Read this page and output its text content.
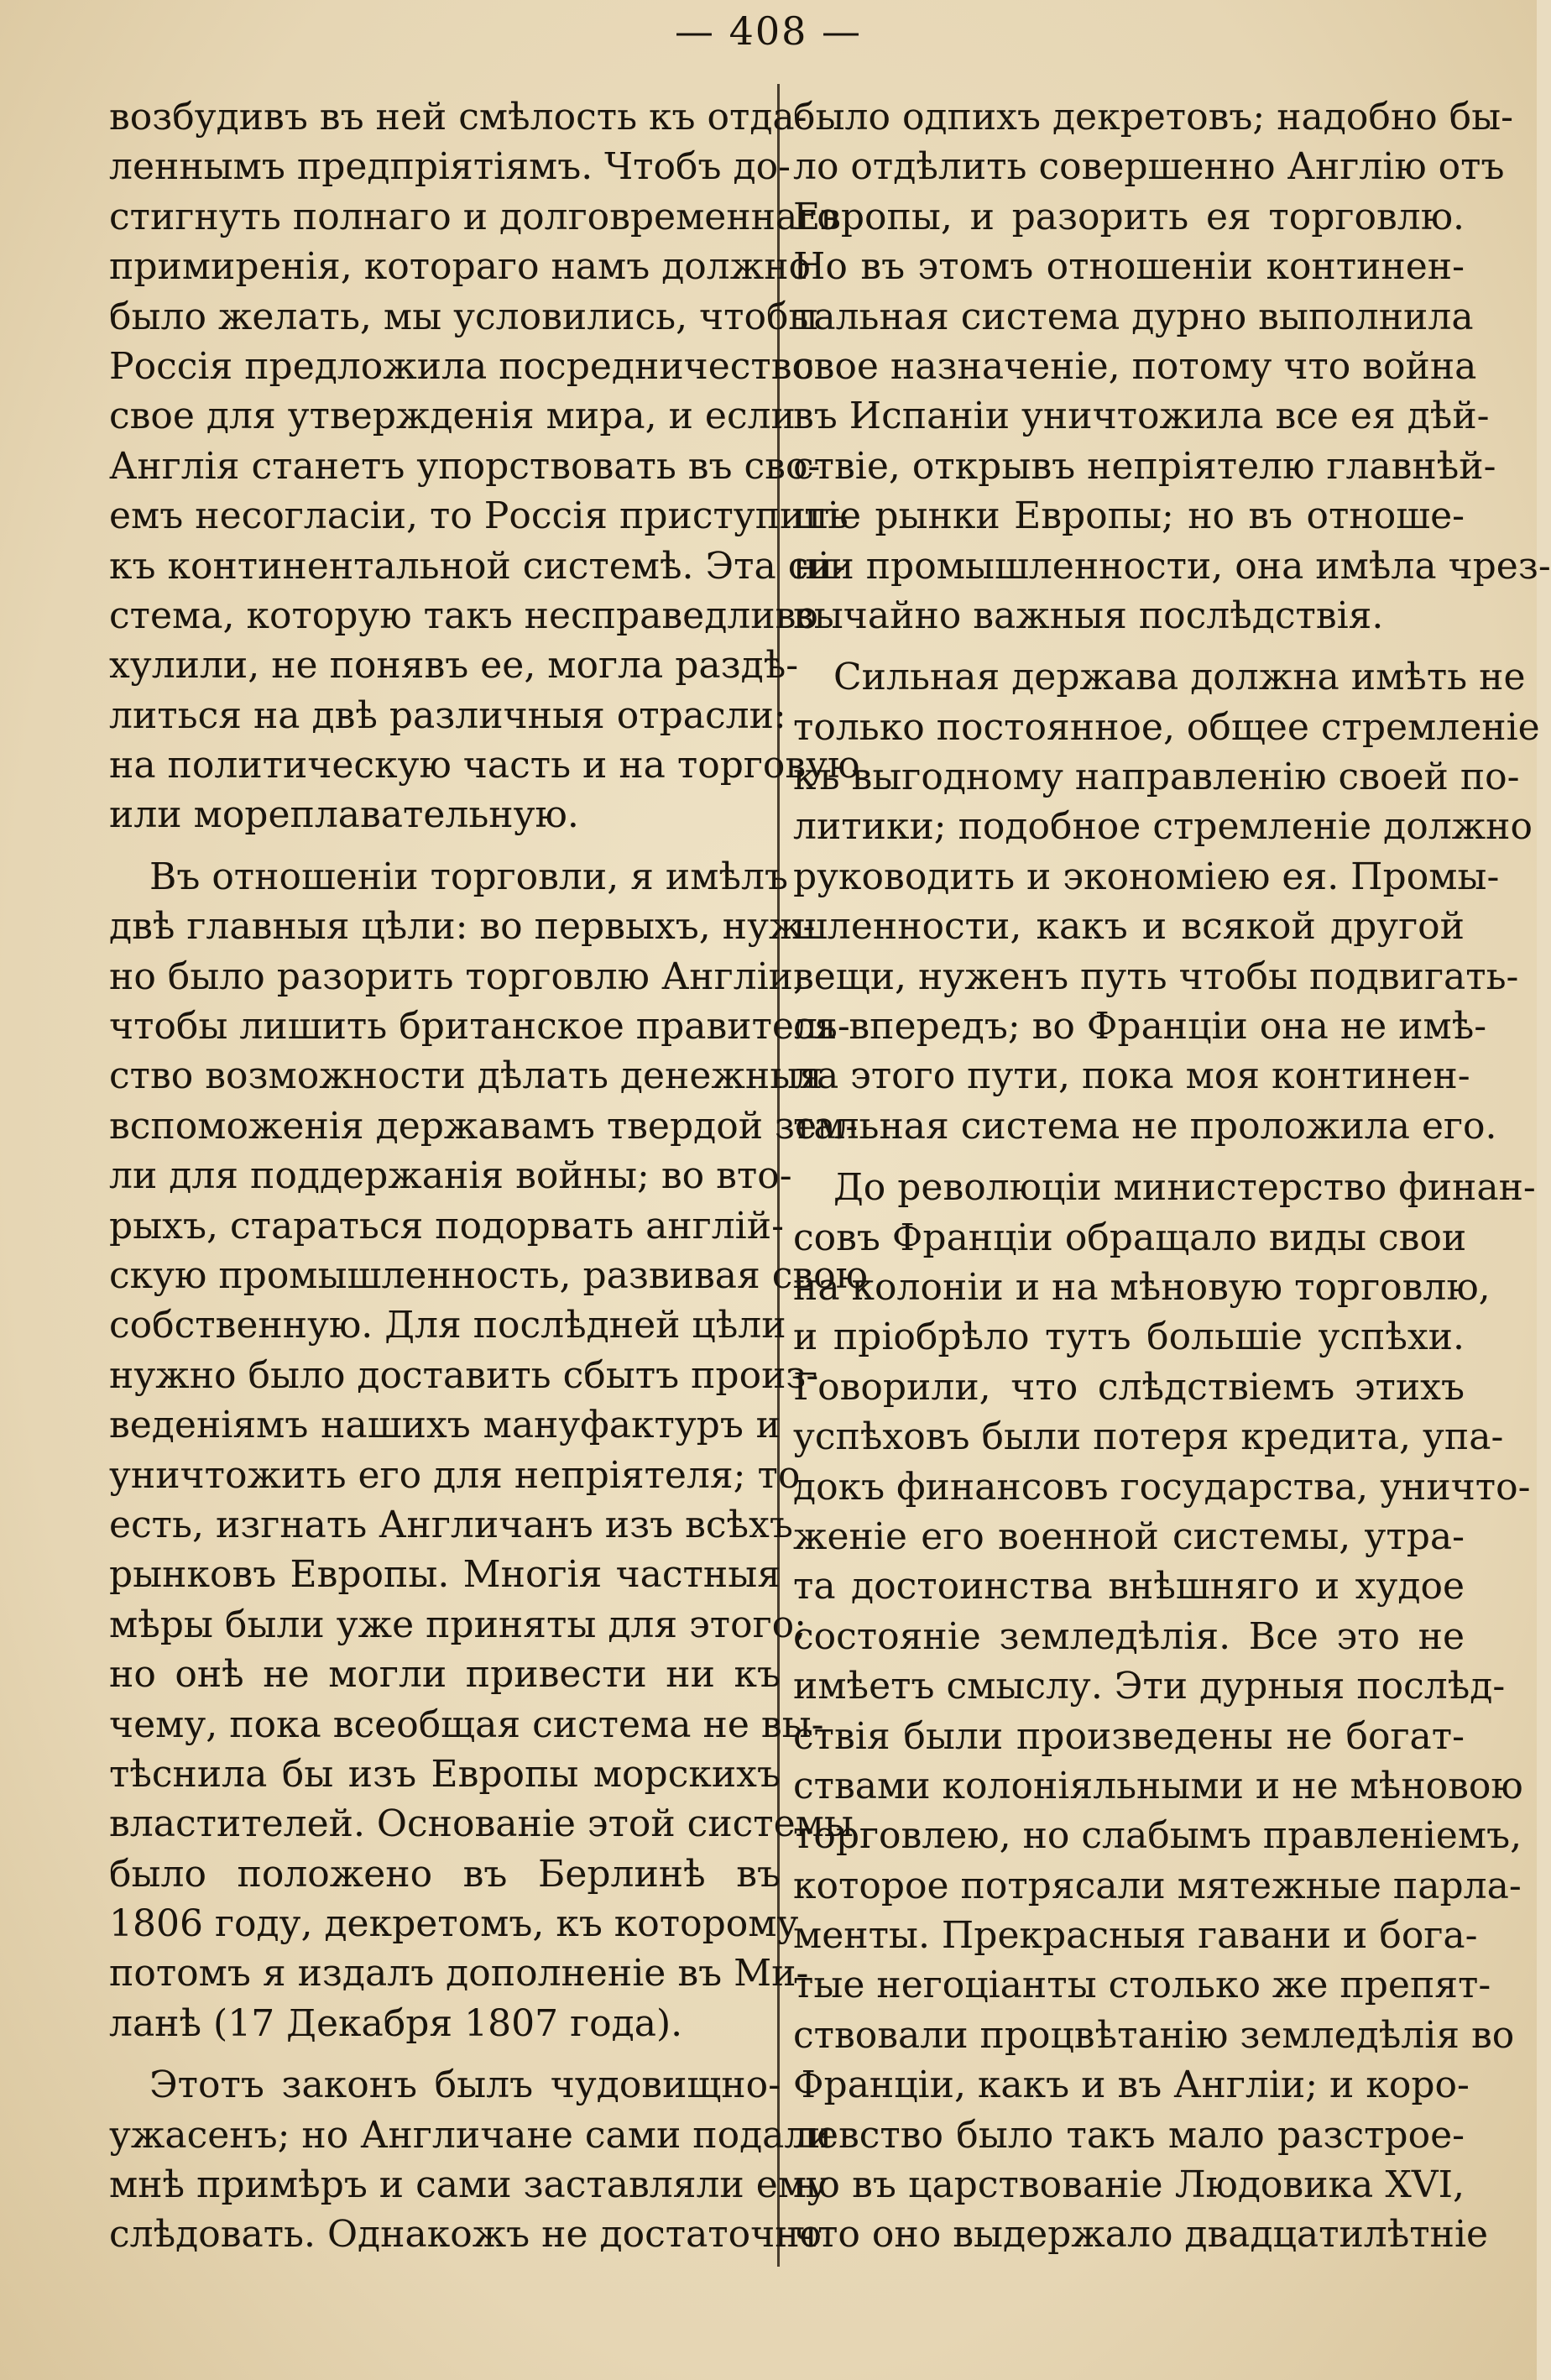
— 408 —
возбудивъ въ ней смѣлость къ отда-
леннымъ предпріятіямъ. Чтобъ до-
стигнуть полнаго и долговременнаго
примиренія, котораго намъ должно
было желать, мы условились, чтобы
Россія предложила посредничество
свое для утвержденія мира, и если
Англія станетъ упорствовать въ сво-
емъ несогласіи, то Россія приступитъ
къ континентальной системѣ. Эта си-
стема, которую такъ несправедливо
хулили, не понявъ ее, могла раздѣ-
литься на двѣ различныя отрасли:
на политическую часть и на торговую
или мореплавательную.
Въ отношеніи торговли, я имѣлъ
двѣ главныя цѣли: во первыхъ, нуж-
но было разорить торговлю Англіи,
чтобы лишить британское правитель-
ство возможности дѣлать денежныя
вспоможенія державамъ твердой зем-
ли для поддержанія войны; во вто-
рыхъ, стараться подорвать англій-
скую промышленность, развивая свою
собственную. Для послѣдней цѣли
нужно было доставить сбытъ произ-
веденіямъ нашихъ мануфактуръ и
уничтожить его для непріятеля; то
есть, изгнать Англичанъ изъ всѣхъ
рынковъ Европы. Многія частныя
мѣры были уже приняты для этого;
но онѣ не могли привести ни къ
чему, пока всеобщая система не вы-
тѣснила бы изъ Европы морскихъ
властителей. Основаніе этой системы
было положено въ Берлинѣ въ
1806 году, декретомъ, къ которому
потомъ я издалъ дополненіе въ Ми-
ланѣ (17 Декабря 1807 года).
Этотъ законъ былъ чудовищно-
ужасенъ; но Англичане сами подали
мнѣ примѣръ и сами заставляли ему
слѣдовать. Однакожъ не достаточно
было одпихъ декретовъ; надобно бы-
ло отдѣлить совершенно Англію отъ
Европы, и разорить ея торговлю.
Но въ этомъ отношеніи континен-
тальная система дурно выполнила
свое назначеніе, потому что война
въ Испаніи уничтожила все ея дѣй-
ствіе, открывъ непріятелю главнѣй-
шіе рынки Европы; но въ отноше-
ніи промышленности, она имѣла чрез-
вычайно важныя послѣдствія.
Сильная держава должна имѣть не
только постоянное, общее стремленіе
къ выгодному направленію своей по-
литики; подобное стремленіе должно
руководить и экономіею ея. Промы-
шленности, какъ и всякой другой
вещи, нуженъ путь чтобы подвигать-
ся впередъ; во Франціи она не имѣ-
ла этого пути, пока моя континен-
тальная система не проложила его.
До революціи министерство финан-
совъ Франціи обращало виды свои
на колоніи и на мѣновую торговлю,
и пріобрѣло тутъ большіе успѣхи.
Говорили, что слѣдствіемъ этихъ
успѣховъ были потеря кредита, упа-
докъ финансовъ государства, уничто-
женіе его военной системы, утра-
та достоинства внѣшняго и худое
состояніе земледѣлія. Все это не
имѣетъ смыслу. Эти дурныя послѣд-
ствія были произведены не богат-
ствами колоніяльными и не мѣновою
торговлею, но слабымъ правленіемъ,
которое потрясали мятежные парла-
менты. Прекрасныя гавани и бога-
тые негоціанты столько же препят-
ствовали процвѣтанію земледѣлія во
Франціи, какъ и въ Англіи; и коро-
левство было такъ мало разстрое-
но въ царствованіе Людовика XVI,
что оно выдержало двадцатилѣтніе
